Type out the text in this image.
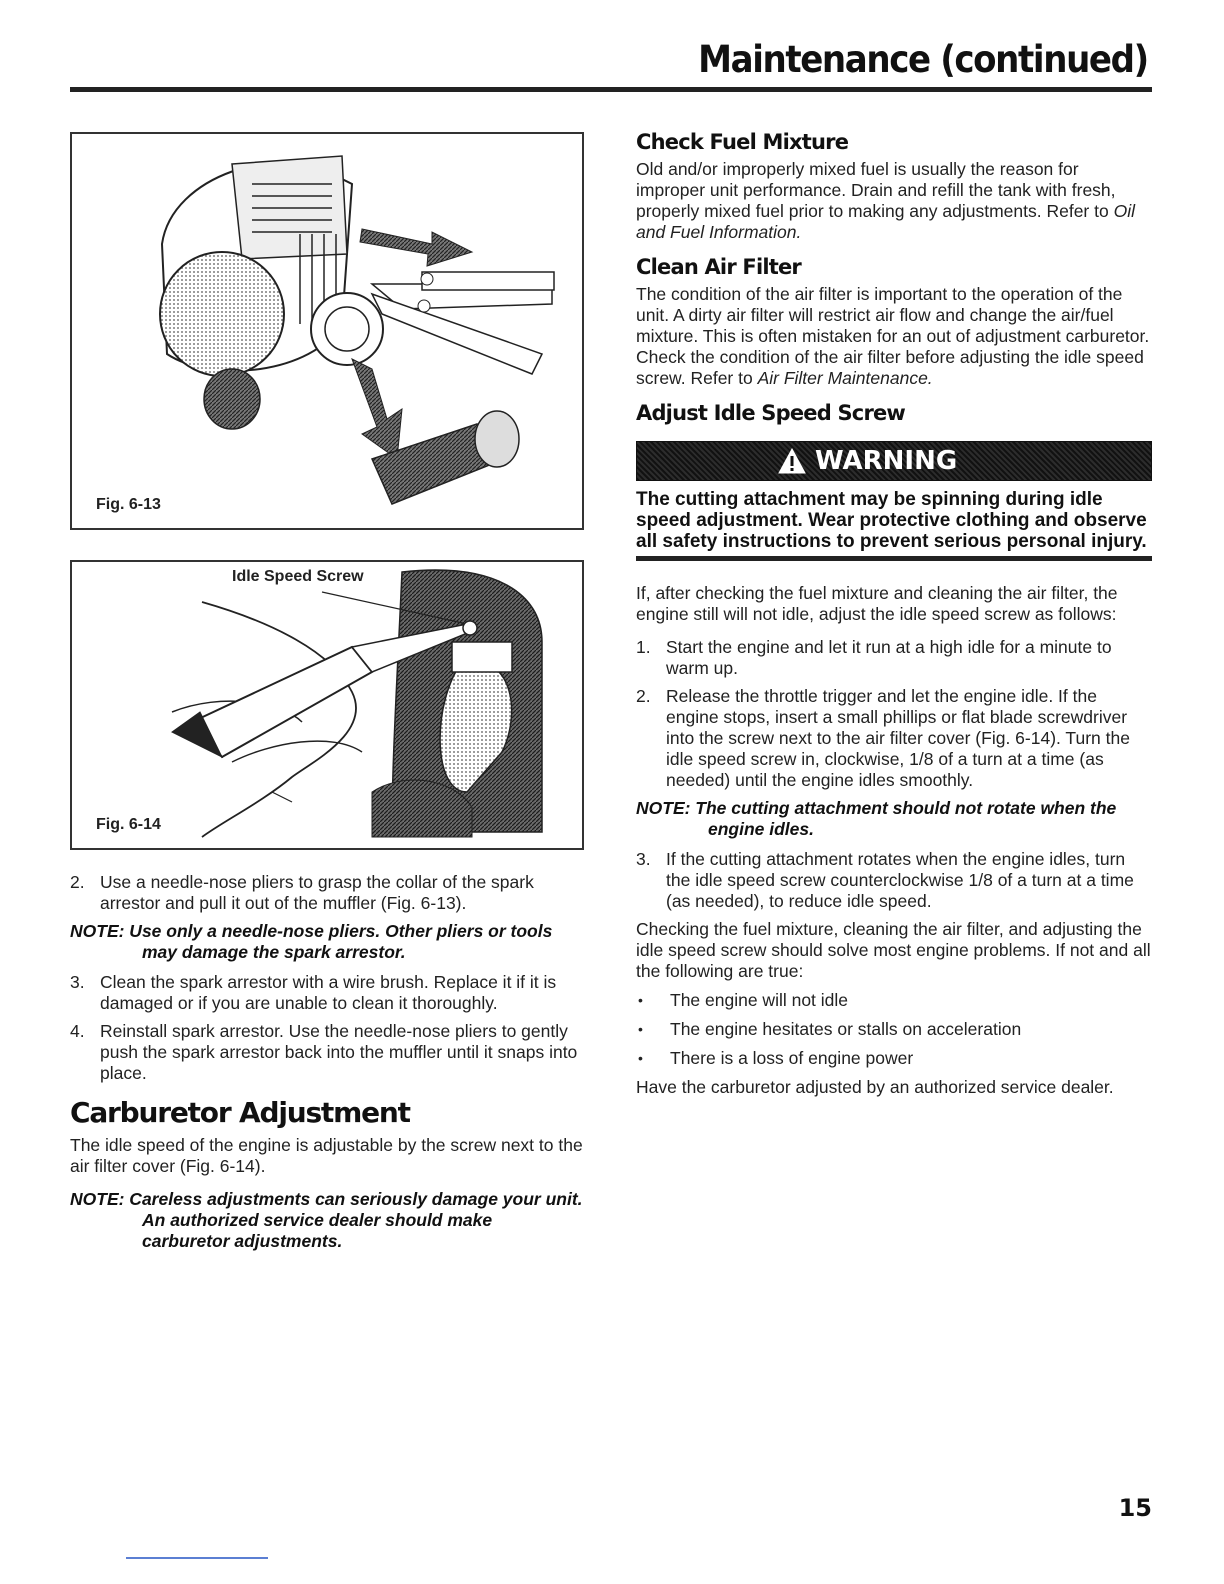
Maintenance (continued)
Fig. 6-13
Idle Speed Screw
Fig. 6-14
2. Use a needle-nose pliers to grasp the collar of the spark arrestor and pull it out of the muffler (Fig. 6-13).
NOTE: Use only a needle-nose pliers. Other pliers or tools may damage the spark arrestor.
3. Clean the spark arrestor with a wire brush. Replace it if it is damaged or if you are unable to clean it thoroughly.
4. Reinstall spark arrestor. Use the needle-nose pliers to gently push the spark arrestor back into the muffler until it snaps into place.
Carburetor Adjustment

The idle speed of the engine is adjustable by the screw next to the air filter cover (Fig. 6-14).

NOTE: Careless adjustments can seriously damage your unit. An authorized service dealer should make carburetor adjustments.
Check Fuel Mixture

Old and/or improperly mixed fuel is usually the reason for improper unit performance. Drain and refill the tank with fresh, properly mixed fuel prior to making any adjustments. Refer to Oil and Fuel Information.

Clean Air Filter

The condition of the air filter is important to the operation of the unit. A dirty air filter will restrict air flow and change the air/fuel mixture. This is often mistaken for an out of adjustment carburetor. Check the condition of the air filter before adjusting the idle speed screw. Refer to Air Filter Maintenance.

Adjust Idle Speed Screw
WARNING
The cutting attachment may be spinning during idle speed adjustment. Wear protective clothing and observe all safety instructions to prevent serious personal injury.

If, after checking the fuel mixture and cleaning the air filter, the engine still will not idle, adjust the idle speed screw as follows:

1. Start the engine and let it run at a high idle for a minute to warm up.
2. Release the throttle trigger and let the engine idle. If the engine stops, insert a small phillips or flat blade screwdriver into the screw next to the air filter cover (Fig. 6-14). Turn the idle speed screw in, clockwise, 1/8 of a turn at a time (as needed) until the engine idles smoothly.
NOTE: The cutting attachment should not rotate when the engine idles.
3. If the cutting attachment rotates when the engine idles, turn the idle speed screw counterclockwise 1/8 of a turn at a time (as needed), to reduce idle speed.

Checking the fuel mixture, cleaning the air filter, and adjusting the idle speed screw should solve most engine problems. If not and all the following are true:

• The engine will not idle
• The engine hesitates or stalls on acceleration
• There is a loss of engine power

Have the carburetor adjusted by an authorized service dealer.

15
